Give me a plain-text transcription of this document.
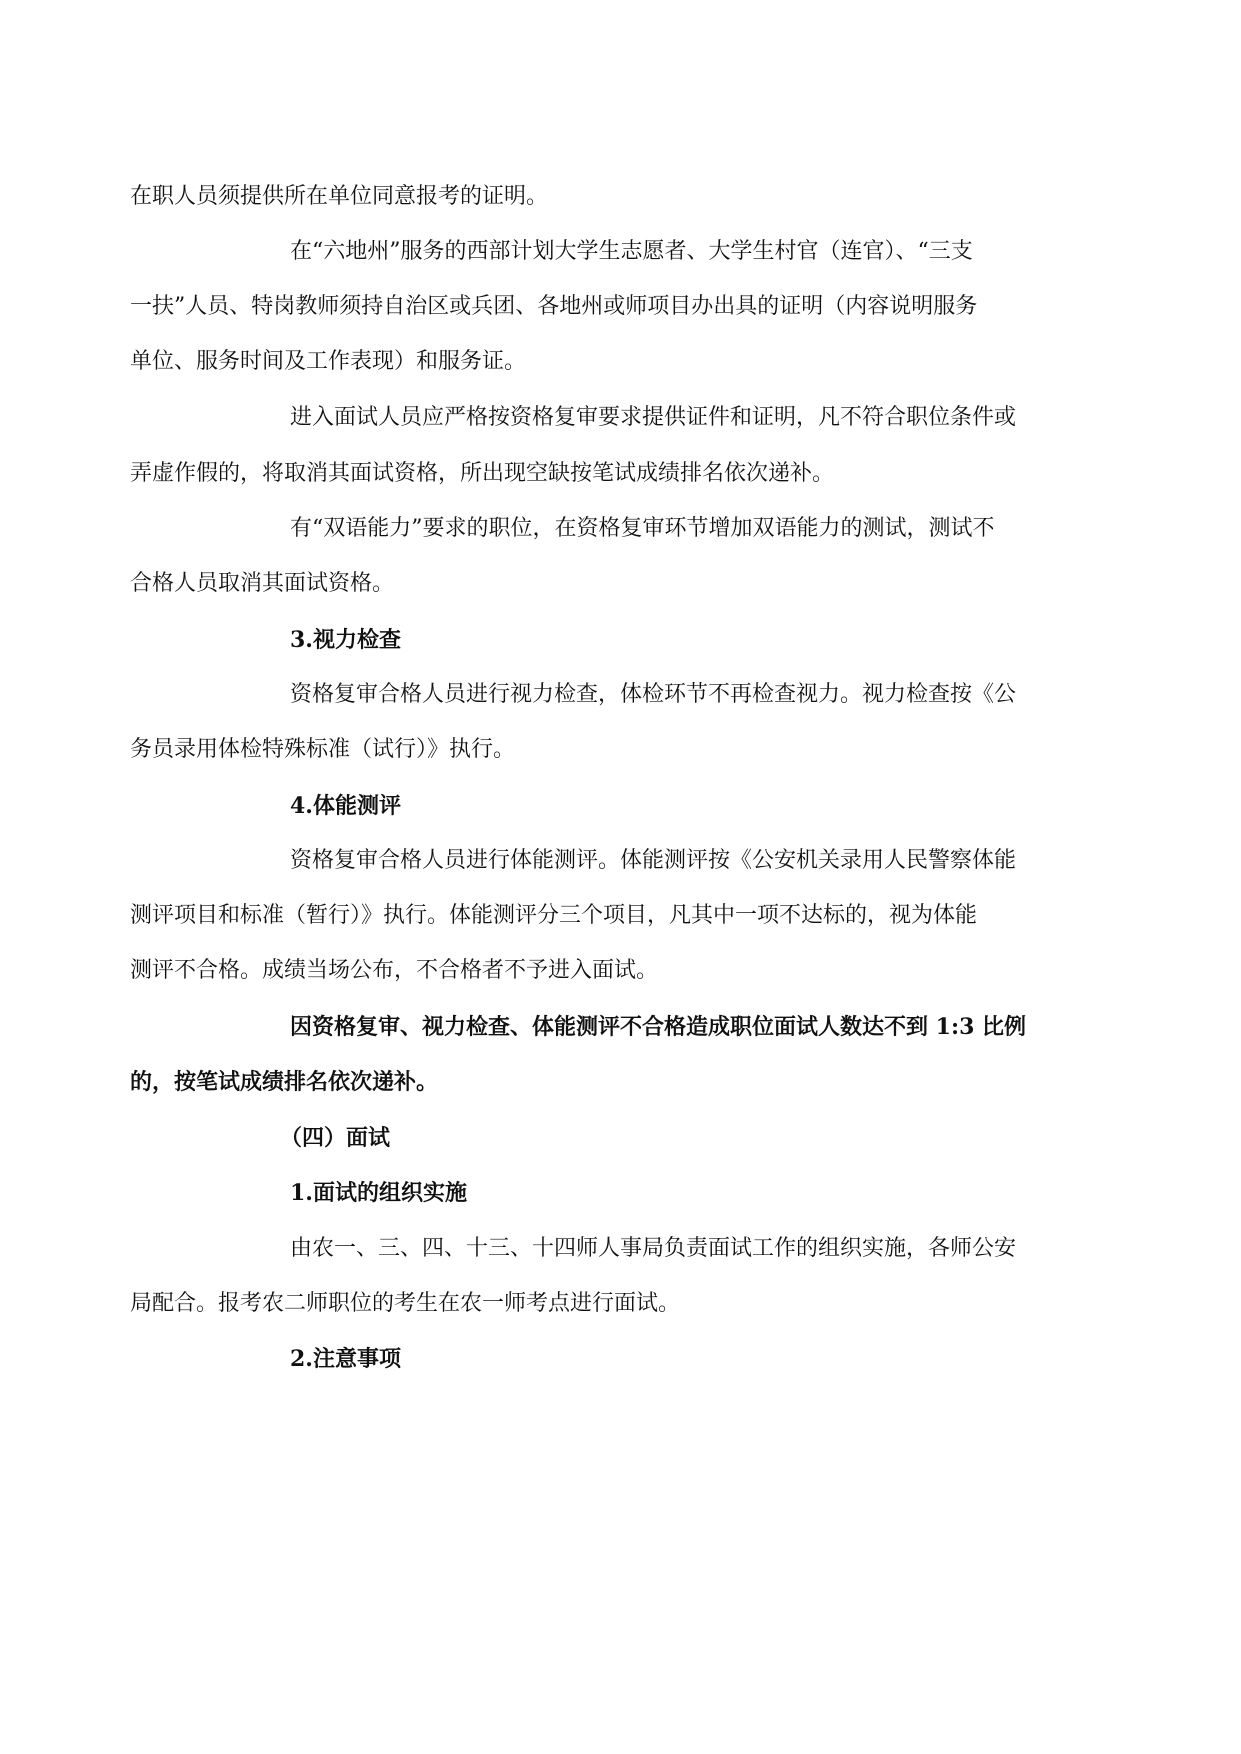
在职人员须提供所在单位同意报考的证明。
在“六地州”服务的西部计划大学生志愿者、大学生村官（连官）、“三支
一扶”人员、特岗教师须持自治区或兵团、各地州或师项目办出具的证明（内容说明服务
单位、服务时间及工作表现）和服务证。
进入面试人员应严格按资格复审要求提供证件和证明，凡不符合职位条件或
弄虚作假的，将取消其面试资格，所出现空缺按笔试成绩排名依次递补。
有“双语能力”要求的职位，在资格复审环节增加双语能力的测试，测试不
合格人员取消其面试资格。
3.视力检查
资格复审合格人员进行视力检查，体检环节不再检查视力。视力检查按《公
务员录用体检特殊标准（试行）》执行。
4.体能测评
资格复审合格人员进行体能测评。体能测评按《公安机关录用人民警察体能
测评项目和标准（暂行）》执行。体能测评分三个项目，凡其中一项不达标的，视为体能
测评不合格。成绩当场公布，不合格者不予进入面试。
因资格复审、视力检查、体能测评不合格造成职位面试人数达不到 1:3 比例
的，按笔试成绩排名依次递补。
（四）面试
1.面试的组织实施
由农一、三、四、十三、十四师人事局负责面试工作的组织实施，各师公安
局配合。报考农二师职位的考生在农一师考点进行面试。
2.注意事项
